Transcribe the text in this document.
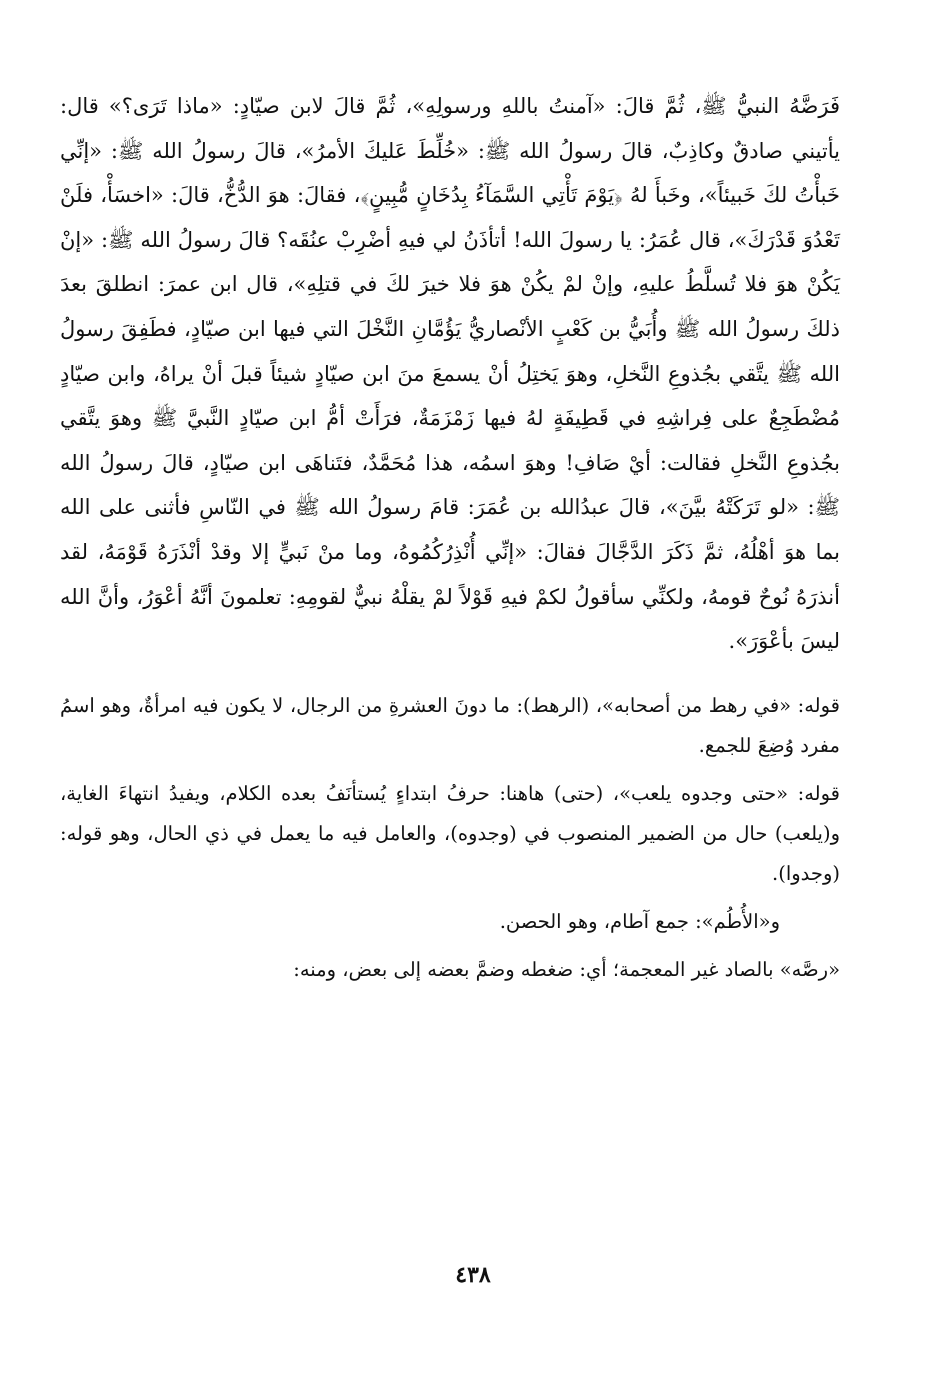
فَرَضَّهُ النبيُّ ﷺ، ثُمَّ قالَ: «آمنتُ باللهِ ورسولِهِ»، ثُمَّ قالَ لابن صيّادٍ: «ماذا تَرَى؟» قال: يأتيني صادقٌ وكاذِبٌ، قالَ رسولُ الله ﷺ: «خُلِّطَ عَليكَ الأمرُ»، قالَ رسولُ الله ﷺ: «إنِّي خَبأْتُ لكَ خَبيئاً»، وخَبأَ لهُ ﴿يَوْمَ تَأْتِي السَّمَآءُ بِدُخَانٍ مُّبِينٍ﴾، فقالَ: هوَ الدُّخُّ، قالَ: «اخسَأْ، فلَنْ تَعْدُوَ قَدْرَكَ»، قال عُمَرُ: يا رسولَ الله! أتأذَنُ لي فيهِ أضْرِبْ عنُقَه؟ قالَ رسولُ الله ﷺ: «إنْ يَكُنْ هوَ فلا تُسلَّطُ عليهِ، وإنْ لمْ يكُنْ هوَ فلا خيرَ لكَ في قتلِهِ»، قال ابن عمرَ: انطلقَ بعدَ ذلكَ رسولُ الله ﷺ وأُبَيُّ بن كَعْبٍ الأنْصاريُّ يَؤُمَّانِ النَّخْلَ التي فيها ابن صيّادٍ، فطَفِقَ رسولُ الله ﷺ يتَّقي بجُذوعِ النَّخلِ، وهوَ يَختِلُ أنْ يسمعَ منَ ابن صيّادٍ شيئاً قبلَ أنْ يراهُ، وابن صيّادٍ مُضْطَجِعٌ على فِراشِهِ في قَطِيفَةٍ لهُ فيها زَمْزَمَةٌ، فرَأَتْ أمُّ ابن صيّادٍ النَّبيَّ ﷺ وهوَ يتَّقي بجُذوعِ النَّخلِ فقالت: أيْ صَافِ! وهوَ اسمُه، هذا مُحَمَّدٌ، فتَناهَى ابن صيّادٍ، قالَ رسولُ الله ﷺ: «لو تَرَكَتْهُ بيَّنَ»، قالَ عبدُالله بن عُمَرَ: قامَ رسولُ الله ﷺ في النّاسِ فأثنى على الله بما هوَ أهْلُهُ، ثمَّ ذَكَرَ الدَّجَّالَ فقالَ: «إنِّي أُنْذِرُكُمُوهُ، وما منْ نَبيٍّ إلا وقدْ أنْذَرَهُ قَوْمَهُ، لقد أنذرَهُ نُوحٌ قومهُ، ولكنِّي سأقولُ لكمْ فيهِ قَوْلاً لمْ يقلْهُ نبيٌّ لقومِهِ: تعلمونَ أنَّهُ أعْوَرُ، وأنَّ الله ليسَ بأعْوَرَ».

قوله: «في رهط من أصحابه»، (الرهط): ما دونَ العشرةِ من الرجال، لا يكون فيه امرأةٌ، وهو اسمُ مفرد وُضِعَ للجمع.

قوله: «حتى وجدوه يلعب»، (حتى) هاهنا: حرفُ ابتداءٍ يُستأنَفُ بعده الكلام، ويفيدُ انتهاءَ الغاية، و(يلعب) حال من الضمير المنصوب في (وجدوه)، والعامل فيه ما يعمل في ذي الحال، وهو قوله: (وجدوا).

و«الأُطُم»: جمع آطام، وهو الحصن.

«رصَّه» بالصاد غير المعجمة؛ أي: ضغطه وضمَّ بعضه إلى بعض، ومنه:

٤٣٨
